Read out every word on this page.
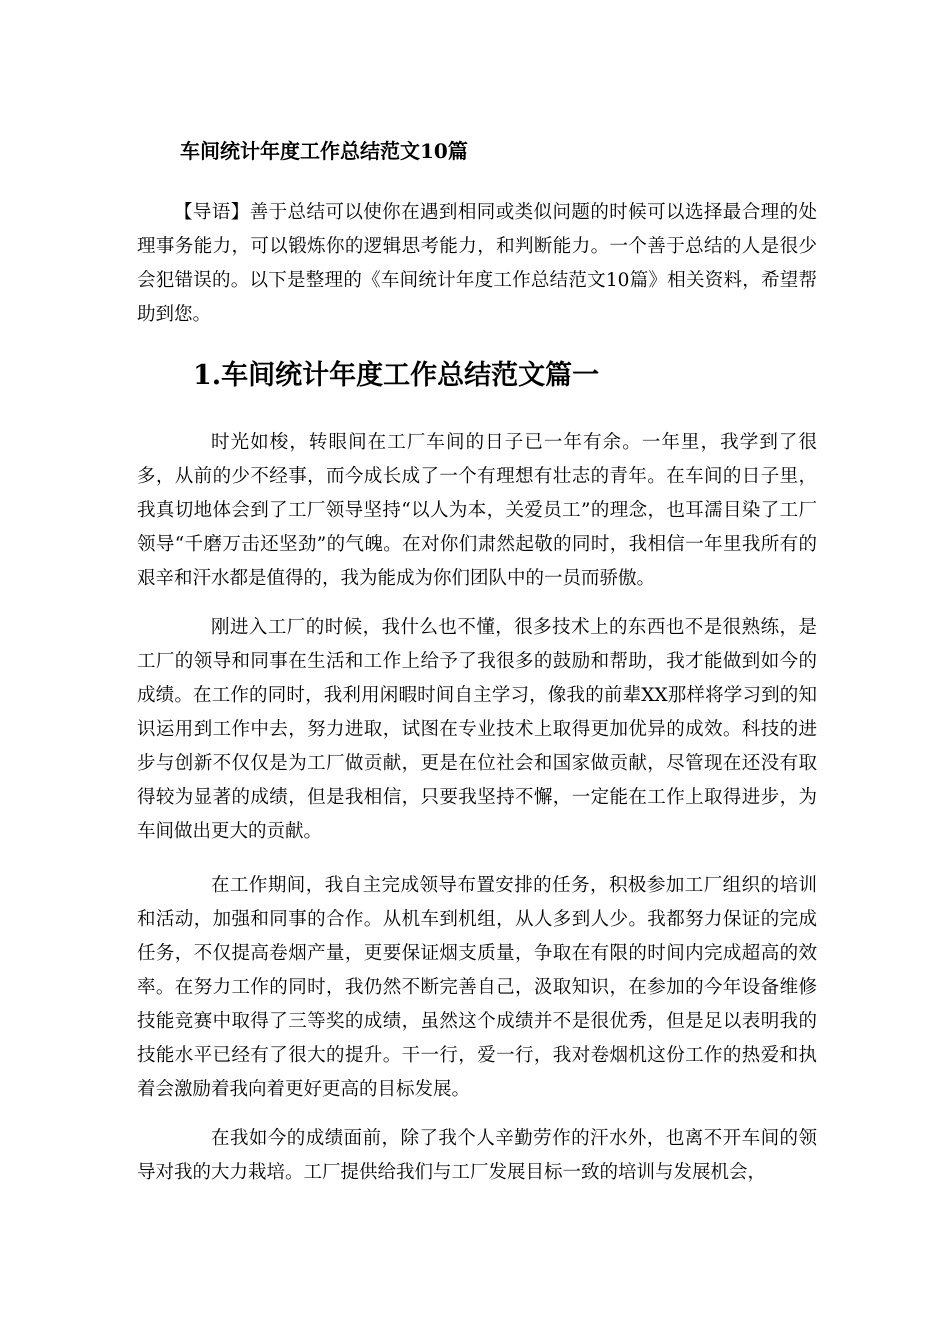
车间统计年度工作总结范文10篇

【导语】善于总结可以使你在遇到相同或类似问题的时候可以选择最合理的处理事务能力，可以锻炼你的逻辑思考能力，和判断能力。一个善于总结的人是很少会犯错误的。以下是整理的《车间统计年度工作总结范文10篇》相关资料，希望帮助到您。

1.车间统计年度工作总结范文篇一

时光如梭，转眼间在工厂车间的日子已一年有余。一年里，我学到了很多，从前的少不经事，而今成长成了一个有理想有壮志的青年。在车间的日子里，我真切地体会到了工厂领导坚持“以人为本，关爱员工”的理念，也耳濡目染了工厂领导“千磨万击还坚劲”的气魄。在对你们肃然起敬的同时，我相信一年里我所有的艰辛和汗水都是值得的，我为能成为你们团队中的一员而骄傲。

刚进入工厂的时候，我什么也不懂，很多技术上的东西也不是很熟练，是工厂的领导和同事在生活和工作上给予了我很多的鼓励和帮助，我才能做到如今的成绩。在工作的同时，我利用闲暇时间自主学习，像我的前辈XX那样将学习到的知识运用到工作中去，努力进取，试图在专业技术上取得更加优异的成效。科技的进步与创新不仅仅是为工厂做贡献，更是在位社会和国家做贡献，尽管现在还没有取得较为显著的成绩，但是我相信，只要我坚持不懈，一定能在工作上取得进步，为车间做出更大的贡献。

在工作期间，我自主完成领导布置安排的任务，积极参加工厂组织的培训和活动，加强和同事的合作。从机车到机组，从人多到人少。我都努力保证的完成任务，不仅提高卷烟产量，更要保证烟支质量，争取在有限的时间内完成超高的效率。在努力工作的同时，我仍然不断完善自己，汲取知识，在参加的今年设备维修技能竞赛中取得了三等奖的成绩，虽然这个成绩并不是很优秀，但是足以表明我的技能水平已经有了很大的提升。干一行，爱一行，我对卷烟机这份工作的热爱和执着会激励着我向着更好更高的目标发展。

在我如今的成绩面前，除了我个人辛勤劳作的汗水外，也离不开车间的领导对我的大力栽培。工厂提供给我们与工厂发展目标一致的培训与发展机会，
